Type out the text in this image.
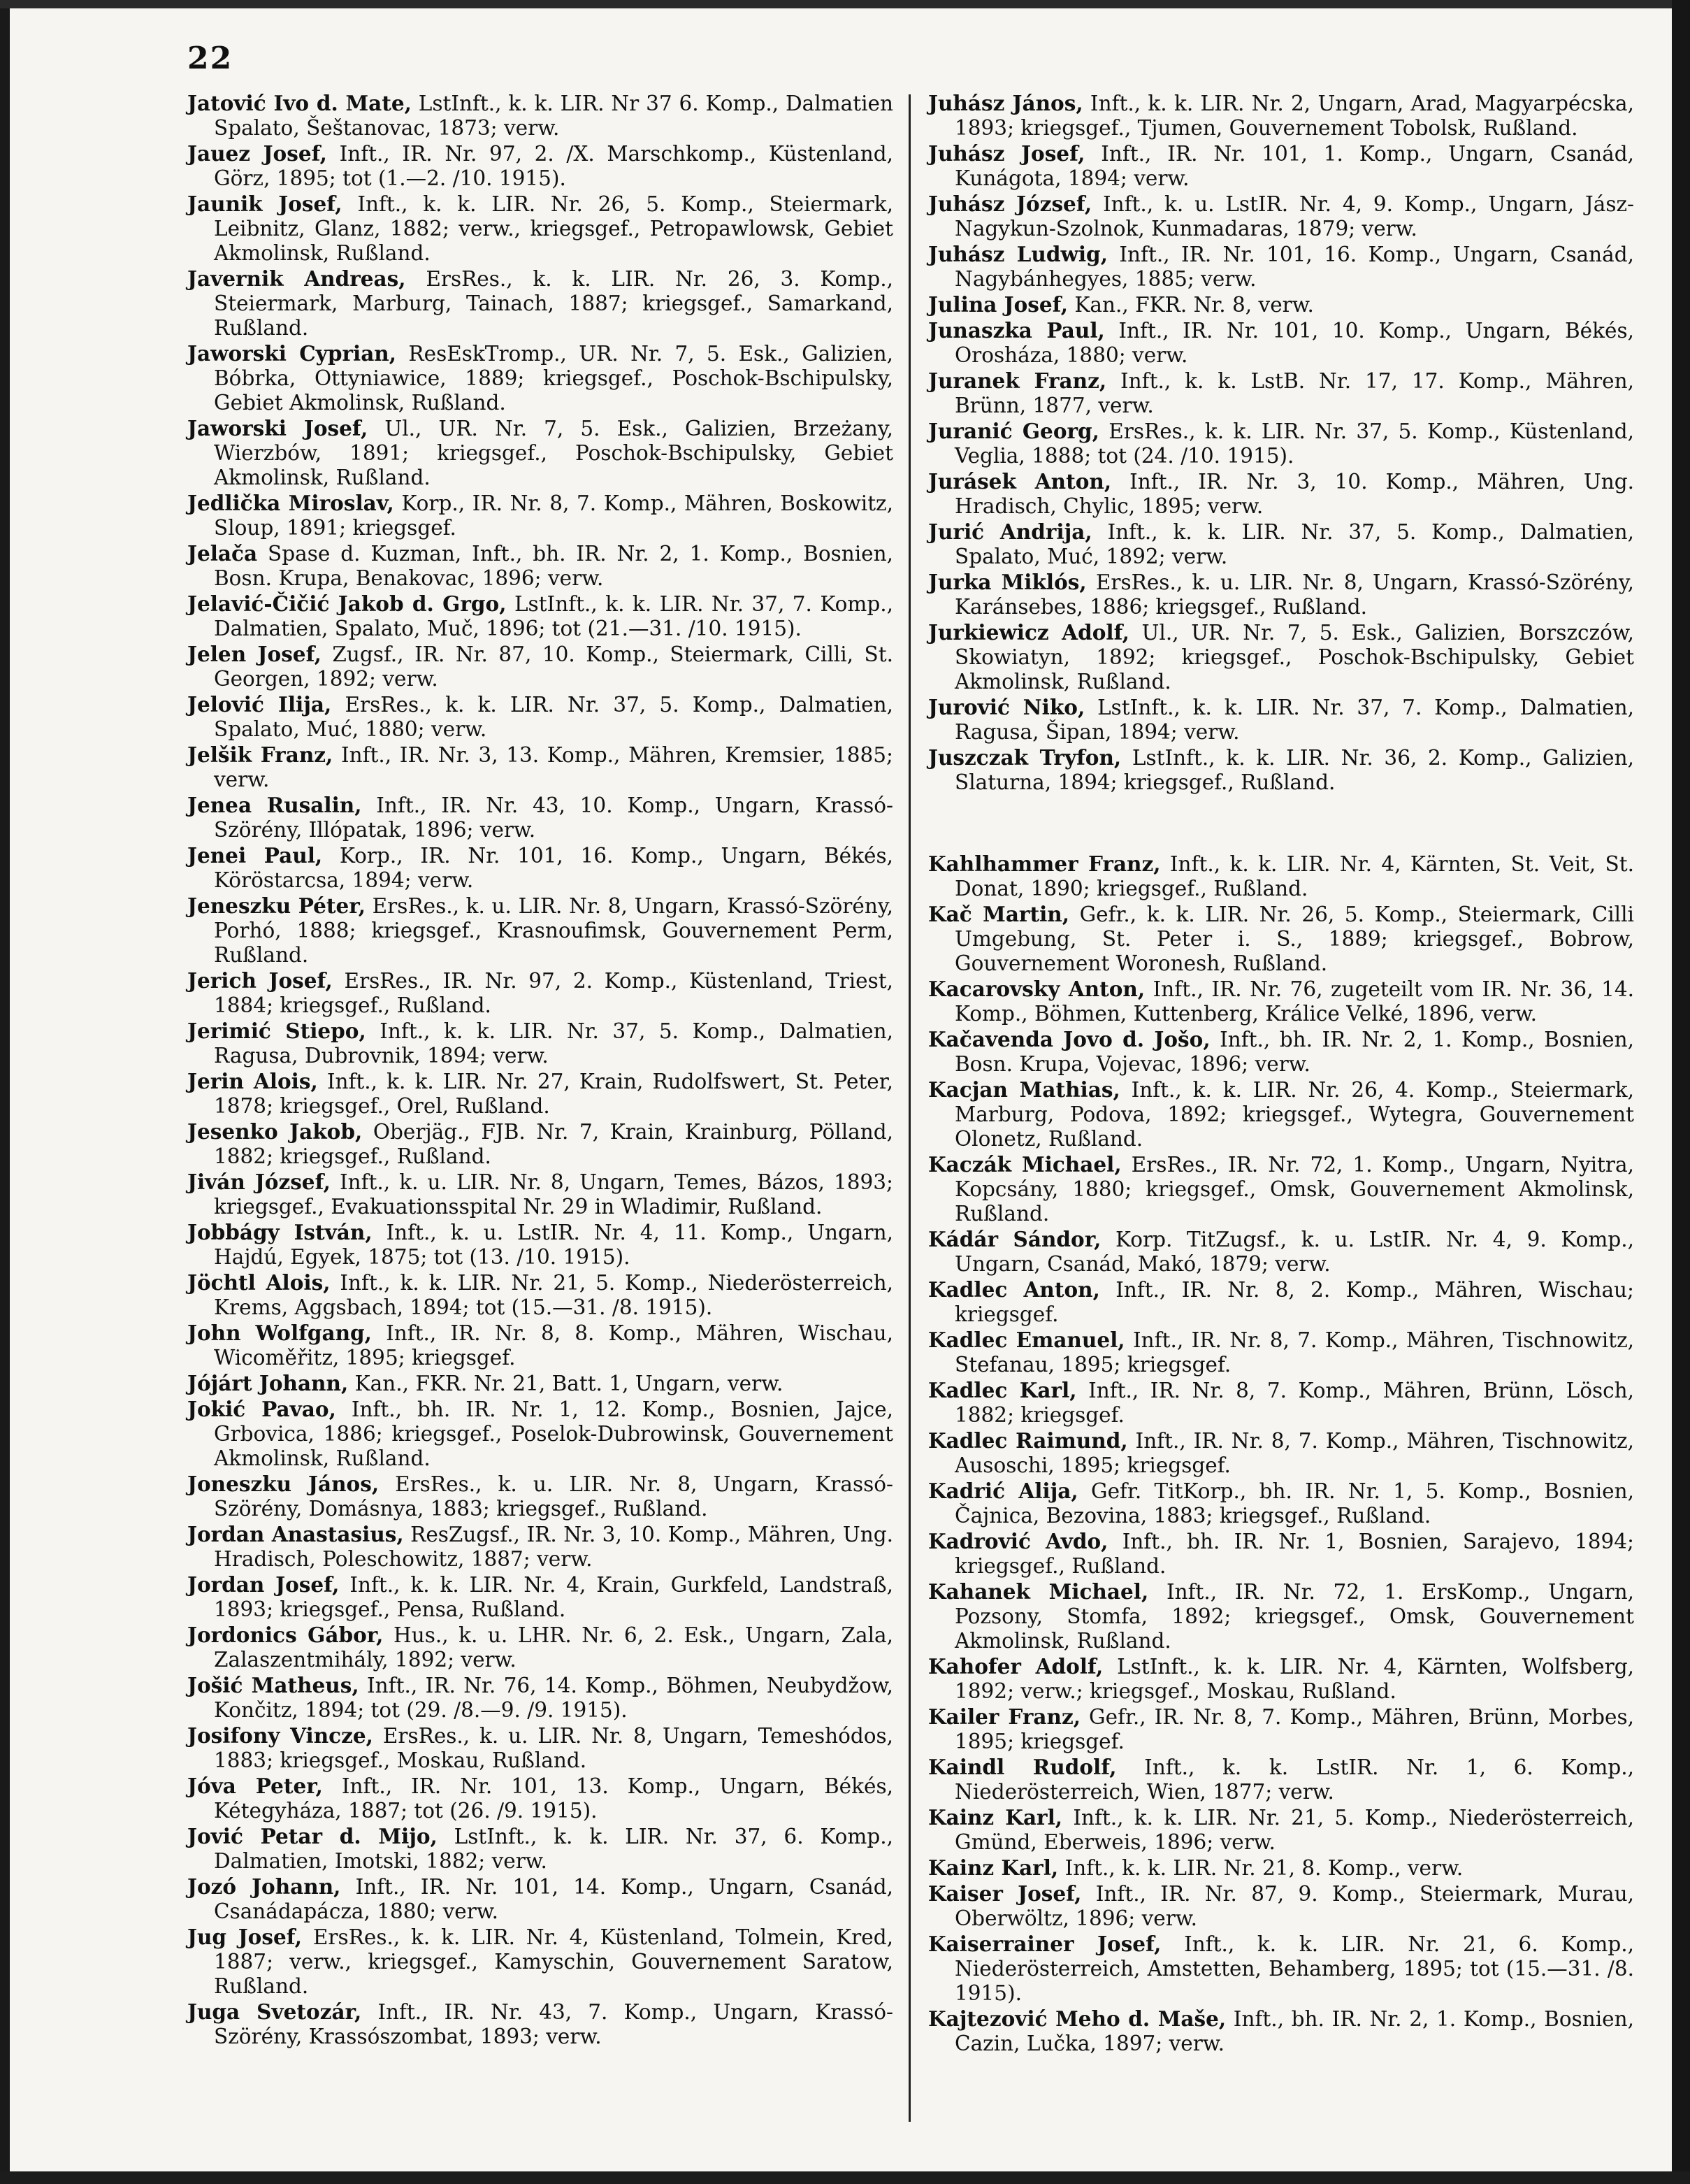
22

Jatović Ivo d. Mate, LstInft., k. k. LIR. Nr 37 6. Komp., Dalmatien Spalato, Šeštanovac, 1873; verw.

Jauez Josef, Inft., IR. Nr. 97, 2. /X. Marschkomp., Küstenland, Görz, 1895; tot (1.—2. /10. 1915).

Jaunik Josef, Inft., k. k. LIR. Nr. 26, 5. Komp., Steiermark, Leibnitz, Glanz, 1882; verw., kriegsgef., Petropawlowsk, Gebiet Akmolinsk, Rußland.

Javernik Andreas, ErsRes., k. k. LIR. Nr. 26, 3. Komp., Steiermark, Marburg, Tainach, 1887; kriegsgef., Samarkand, Rußland.

Jaworski Cyprian, ResEskTromp., UR. Nr. 7, 5. Esk., Galizien, Bóbrka, Ottyniawice, 1889; kriegsgef., Poschok-Bschipulsky, Gebiet Akmolinsk, Rußland.

Jaworski Josef, Ul., UR. Nr. 7, 5. Esk., Galizien, Brzeżany, Wierzbów, 1891; kriegsgef., Poschok-Bschipulsky, Gebiet Akmolinsk, Rußland.

Jedlička Miroslav, Korp., IR. Nr. 8, 7. Komp., Mähren, Boskowitz, Sloup, 1891; kriegsgef.

Jelača Spase d. Kuzman, Inft., bh. IR. Nr. 2, 1. Komp., Bosnien, Bosn. Krupa, Benakovac, 1896; verw.

Jelavić-Čičić Jakob d. Grgo, LstInft., k. k. LIR. Nr. 37, 7. Komp., Dalmatien, Spalato, Muč, 1896; tot (21.—31. /10. 1915).

Jelen Josef, Zugsf., IR. Nr. 87, 10. Komp., Steiermark, Cilli, St. Georgen, 1892; verw.

Jelović Ilija, ErsRes., k. k. LIR. Nr. 37, 5. Komp., Dalmatien, Spalato, Muć, 1880; verw.

Jelšik Franz, Inft., IR. Nr. 3, 13. Komp., Mähren, Kremsier, 1885; verw.

Jenea Rusalin, Inft., IR. Nr. 43, 10. Komp., Ungarn, Krassó-Szörény, Illópatak, 1896; verw.

Jenei Paul, Korp., IR. Nr. 101, 16. Komp., Ungarn, Békés, Köröstarcsa, 1894; verw.

Jeneszku Péter, ErsRes., k. u. LIR. Nr. 8, Ungarn, Krassó-Szörény, Porhó, 1888; kriegsgef., Krasnoufimsk, Gouvernement Perm, Rußland.

Jerich Josef, ErsRes., IR. Nr. 97, 2. Komp., Küstenland, Triest, 1884; kriegsgef., Rußland.

Jerimić Stiepo, Inft., k. k. LIR. Nr. 37, 5. Komp., Dalmatien, Ragusa, Dubrovnik, 1894; verw.

Jerin Alois, Inft., k. k. LIR. Nr. 27, Krain, Rudolfswert, St. Peter, 1878; kriegsgef., Orel, Rußland.

Jesenko Jakob, Oberjäg., FJB. Nr. 7, Krain, Krainburg, Pölland, 1882; kriegsgef., Rußland.

Jiván József, Inft., k. u. LIR. Nr. 8, Ungarn, Temes, Bázos, 1893; kriegsgef., Evakuationsspital Nr. 29 in Wladimir, Rußland.

Jobbágy István, Inft., k. u. LstIR. Nr. 4, 11. Komp., Ungarn, Hajdú, Egyek, 1875; tot (13. /10. 1915).

Jöchtl Alois, Inft., k. k. LIR. Nr. 21, 5. Komp., Niederösterreich, Krems, Aggsbach, 1894; tot (15.—31. /8. 1915).

John Wolfgang, Inft., IR. Nr. 8, 8. Komp., Mähren, Wischau, Wicoměřitz, 1895; kriegsgef.

Jójárt Johann, Kan., FKR. Nr. 21, Batt. 1, Ungarn, verw.

Jokić Pavao, Inft., bh. IR. Nr. 1, 12. Komp., Bosnien, Jajce, Grbovica, 1886; kriegsgef., Poselok-Dubrowinsk, Gouvernement Akmolinsk, Rußland.

Joneszku János, ErsRes., k. u. LIR. Nr. 8, Ungarn, Krassó-Szörény, Domásnya, 1883; kriegsgef., Rußland.

Jordan Anastasius, ResZugsf., IR. Nr. 3, 10. Komp., Mähren, Ung. Hradisch, Poleschowitz, 1887; verw.

Jordan Josef, Inft., k. k. LIR. Nr. 4, Krain, Gurkfeld, Landstraß, 1893; kriegsgef., Pensa, Rußland.

Jordonics Gábor, Hus., k. u. LHR. Nr. 6, 2. Esk., Ungarn, Zala, Zalaszentmihály, 1892; verw.

Jošić Matheus, Inft., IR. Nr. 76, 14. Komp., Böhmen, Neubydžow, Končitz, 1894; tot (29. /8.—9. /9. 1915).

Josifony Vincze, ErsRes., k. u. LIR. Nr. 8, Ungarn, Temeshódos, 1883; kriegsgef., Moskau, Rußland.

Jóva Peter, Inft., IR. Nr. 101, 13. Komp., Ungarn, Békés, Kétegyháza, 1887; tot (26. /9. 1915).

Jović Petar d. Mijo, LstInft., k. k. LIR. Nr. 37, 6. Komp., Dalmatien, Imotski, 1882; verw.

Jozó Johann, Inft., IR. Nr. 101, 14. Komp., Ungarn, Csanád, Csanádapácza, 1880; verw.

Jug Josef, ErsRes., k. k. LIR. Nr. 4, Küstenland, Tolmein, Kred, 1887; verw., kriegsgef., Kamyschin, Gouvernement Saratow, Rußland.

Juga Svetozár, Inft., IR. Nr. 43, 7. Komp., Ungarn, Krassó-Szörény, Krassószombat, 1893; verw.

Juhász János, Inft., k. k. LIR. Nr. 2, Ungarn, Arad, Magyarpécska, 1893; kriegsgef., Tjumen, Gouvernement Tobolsk, Rußland.

Juhász Josef, Inft., IR. Nr. 101, 1. Komp., Ungarn, Csanád, Kunágota, 1894; verw.

Juhász József, Inft., k. u. LstIR. Nr. 4, 9. Komp., Ungarn, Jász-Nagykun-Szolnok, Kunmadaras, 1879; verw.

Juhász Ludwig, Inft., IR. Nr. 101, 16. Komp., Ungarn, Csanád, Nagybánhegyes, 1885; verw.

Julina Josef, Kan., FKR. Nr. 8, verw.

Junaszka Paul, Inft., IR. Nr. 101, 10. Komp., Ungarn, Békés, Orosháza, 1880; verw.

Juranek Franz, Inft., k. k. LstB. Nr. 17, 17. Komp., Mähren, Brünn, 1877, verw.

Juranić Georg, ErsRes., k. k. LIR. Nr. 37, 5. Komp., Küstenland, Veglia, 1888; tot (24. /10. 1915).

Jurásek Anton, Inft., IR. Nr. 3, 10. Komp., Mähren, Ung. Hradisch, Chylic, 1895; verw.

Jurić Andrija, Inft., k. k. LIR. Nr. 37, 5. Komp., Dalmatien, Spalato, Muć, 1892; verw.

Jurka Miklós, ErsRes., k. u. LIR. Nr. 8, Ungarn, Krassó-Szörény, Karánsebes, 1886; kriegsgef., Rußland.

Jurkiewicz Adolf, Ul., UR. Nr. 7, 5. Esk., Galizien, Borszczów, Skowiatyn, 1892; kriegsgef., Poschok-Bschipulsky, Gebiet Akmolinsk, Rußland.

Jurović Niko, LstInft., k. k. LIR. Nr. 37, 7. Komp., Dalmatien, Ragusa, Šipan, 1894; verw.

Juszczak Tryfon, LstInft., k. k. LIR. Nr. 36, 2. Komp., Galizien, Slaturna, 1894; kriegsgef., Rußland.

Kahlhammer Franz, Inft., k. k. LIR. Nr. 4, Kärnten, St. Veit, St. Donat, 1890; kriegsgef., Rußland.

Kač Martin, Gefr., k. k. LIR. Nr. 26, 5. Komp., Steiermark, Cilli Umgebung, St. Peter i. S., 1889; kriegsgef., Bobrow, Gouvernement Woronesh, Rußland.

Kacarovsky Anton, Inft., IR. Nr. 76, zugeteilt vom IR. Nr. 36, 14. Komp., Böhmen, Kuttenberg, Králice Velké, 1896, verw.

Kačavenda Jovo d. Jošo, Inft., bh. IR. Nr. 2, 1. Komp., Bosnien, Bosn. Krupa, Vojevac, 1896; verw.

Kacjan Mathias, Inft., k. k. LIR. Nr. 26, 4. Komp., Steiermark, Marburg, Podova, 1892; kriegsgef., Wytegra, Gouvernement Olonetz, Rußland.

Kaczák Michael, ErsRes., IR. Nr. 72, 1. Komp., Ungarn, Nyitra, Kopcsány, 1880; kriegsgef., Omsk, Gouvernement Akmolinsk, Rußland.

Kádár Sándor, Korp. TitZugsf., k. u. LstIR. Nr. 4, 9. Komp., Ungarn, Csanád, Makó, 1879; verw.

Kadlec Anton, Inft., IR. Nr. 8, 2. Komp., Mähren, Wischau; kriegsgef.

Kadlec Emanuel, Inft., IR. Nr. 8, 7. Komp., Mähren, Tischnowitz, Stefanau, 1895; kriegsgef.

Kadlec Karl, Inft., IR. Nr. 8, 7. Komp., Mähren, Brünn, Lösch, 1882; kriegsgef.

Kadlec Raimund, Inft., IR. Nr. 8, 7. Komp., Mähren, Tischnowitz, Ausoschi, 1895; kriegsgef.

Kadrić Alija, Gefr. TitKorp., bh. IR. Nr. 1, 5. Komp., Bosnien, Čajnica, Bezovina, 1883; kriegsgef., Rußland.

Kadrović Avdo, Inft., bh. IR. Nr. 1, Bosnien, Sarajevo, 1894; kriegsgef., Rußland.

Kahanek Michael, Inft., IR. Nr. 72, 1. ErsKomp., Ungarn, Pozsony, Stomfa, 1892; kriegsgef., Omsk, Gouvernement Akmolinsk, Rußland.

Kahofer Adolf, LstInft., k. k. LIR. Nr. 4, Kärnten, Wolfsberg, 1892; verw.; kriegsgef., Moskau, Rußland.

Kailer Franz, Gefr., IR. Nr. 8, 7. Komp., Mähren, Brünn, Morbes, 1895; kriegsgef.

Kaindl Rudolf, Inft., k. k. LstIR. Nr. 1, 6. Komp., Niederösterreich, Wien, 1877; verw.

Kainz Karl, Inft., k. k. LIR. Nr. 21, 5. Komp., Niederösterreich, Gmünd, Eberweis, 1896; verw.

Kainz Karl, Inft., k. k. LIR. Nr. 21, 8. Komp., verw.

Kaiser Josef, Inft., IR. Nr. 87, 9. Komp., Steiermark, Murau, Oberwöltz, 1896; verw.

Kaiserrainer Josef, Inft., k. k. LIR. Nr. 21, 6. Komp., Niederösterreich, Amstetten, Behamberg, 1895; tot (15.—31. /8. 1915).

Kajtezović Meho d. Maše, Inft., bh. IR. Nr. 2, 1. Komp., Bosnien, Cazin, Lučka, 1897; verw.
